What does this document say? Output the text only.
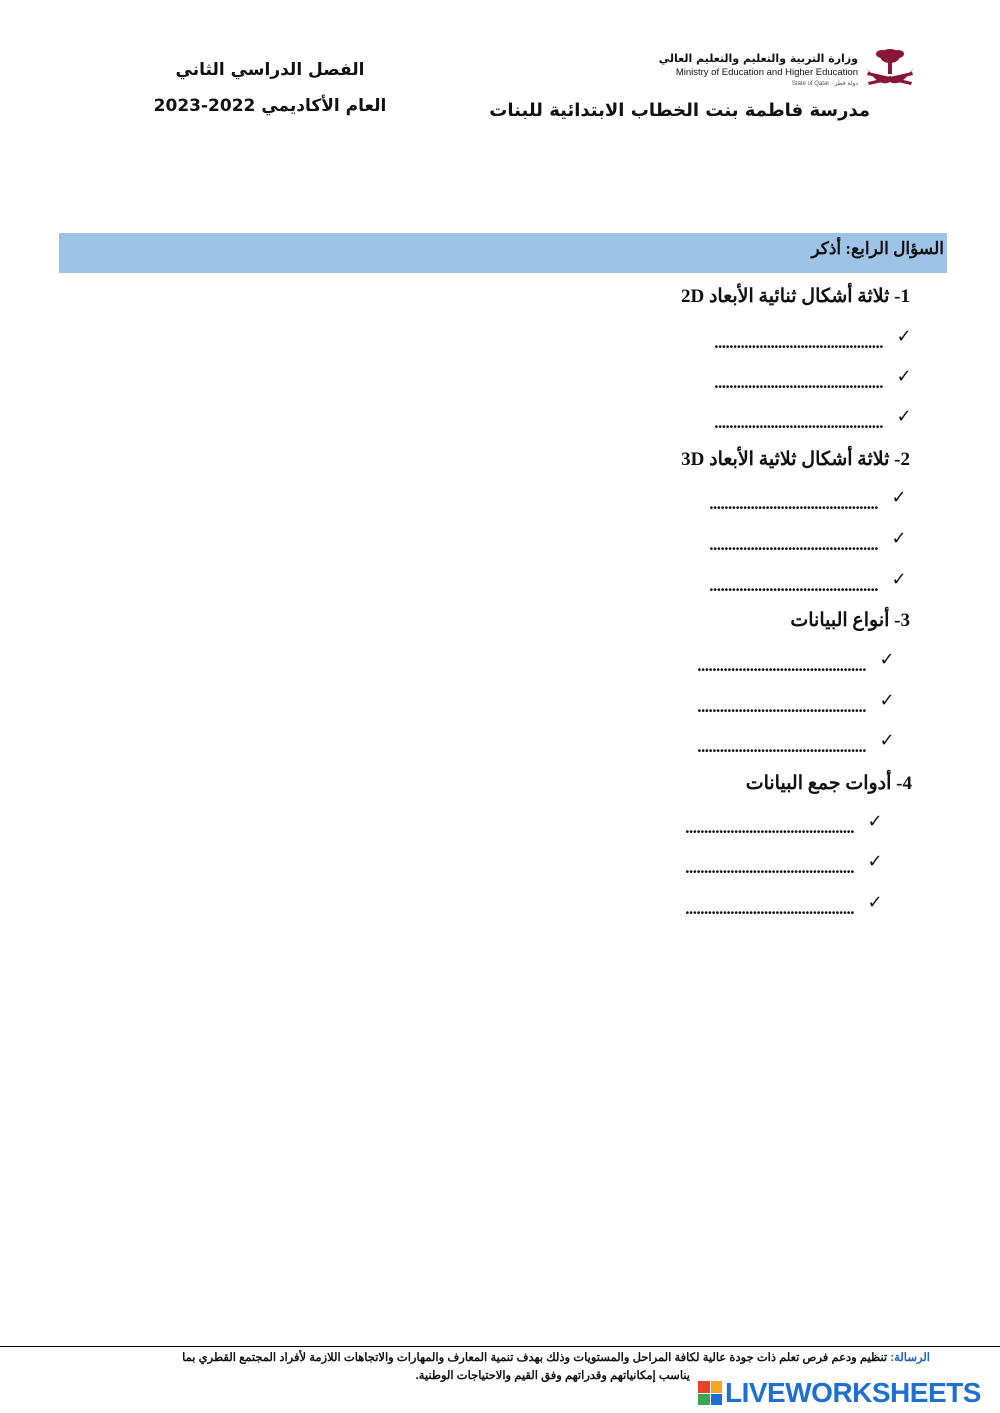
وزارة التربية والتعليم والتعليم العالي
Ministry of Education and Higher Education
State of Qatar · دولة قطر
مدرسة فاطمة بنت الخطاب الابتدائية للبنات
الفصل الدراسي الثاني
العام الأكاديمي 2022-2023
السؤال الرابع: أذكر
1- ثلاثة أشكال ثنائية الأبعاد 2D
✓
.............................................
✓
.............................................
✓
.............................................
2- ثلاثة أشكال ثلاثية الأبعاد 3D
✓
.............................................
✓
.............................................
✓
.............................................
3- أنواع البيانات
✓
.............................................
✓
.............................................
✓
.............................................
4- أدوات جمع البيانات
✓
.............................................
✓
.............................................
✓
.............................................
الرسالة: تنظيم ودعم فرص تعلم ذات جودة عالية لكافة المراحل والمستويات وذلك بهدف تنمية المعارف والمهارات والاتجاهات اللازمة لأفراد المجتمع القطري بما
يناسب إمكانياتهم وقدراتهم وفق القيم والاحتياجات الوطنية.
LIVEWORKSHEETS
